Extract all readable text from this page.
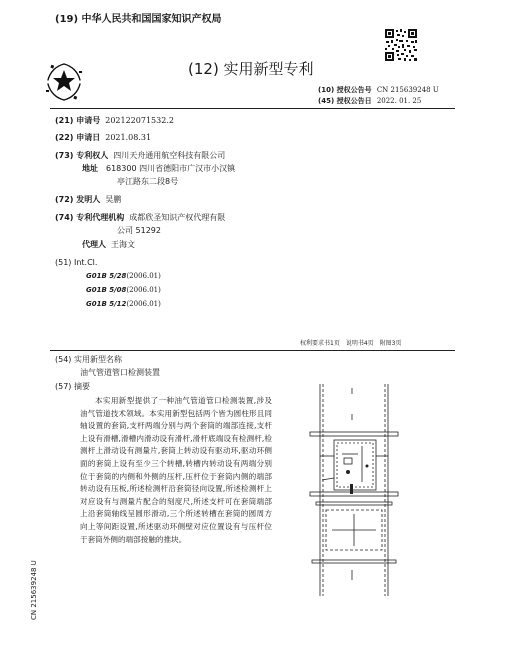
(19) 中华人民共和国国家知识产权局
(12) 实用新型专利
(10) 授权公告号 CN 215639248 U
(45) 授权公告日 2022. 01. 25
(21) 申请号 202122071532.2
(22) 申请日 2021.08.31
(73) 专利权人 四川天舟通用航空科技有限公司
地址 618300 四川省德阳市广汉市小汉镇
亭江路东二段8号
(72) 发明人 吴鹏
(74) 专利代理机构 成都欣圣知识产权代理有限
公司 51292
代理人 王海文
(51) Int.Cl.
G01B 5/28(2006.01)
G01B 5/08(2006.01)
G01B 5/12(2006.01)
权利要求书1页　说明书4页　附图3页
(54) 实用新型名称
油气管道管口检测装置
(57) 摘要
本实用新型提供了一种油气管道管口检测装置,涉及油气管道技术领域。本实用新型包括两个皆为圆柱形且同轴设置的套筒,支杆两端分别与两个套筒的端部连接,支杆上设有滑槽,滑槽内滑动设有滑杆,滑杆底端设有检测杆,检测杆上滑动设有测量片,套筒上转动设有驱动环,驱动环侧面的套筒上设有至少三个转槽,转槽内转动设有两端分别位于套筒的内侧和外侧的压杆,压杆位于套筒内侧的端部转动设有压板,所述检测杆沿套筒径向设置,所述检测杆上对应设有与测量片配合的刻度尺,所述支杆可在套筒端部上沿套筒轴线呈圆形滑动,三个所述转槽在套筒的圆周方向上等间距设置,所述驱动环侧壁对应位置设有与压杆位于套筒外侧的端部接触的推块。
CN 215639248 U
